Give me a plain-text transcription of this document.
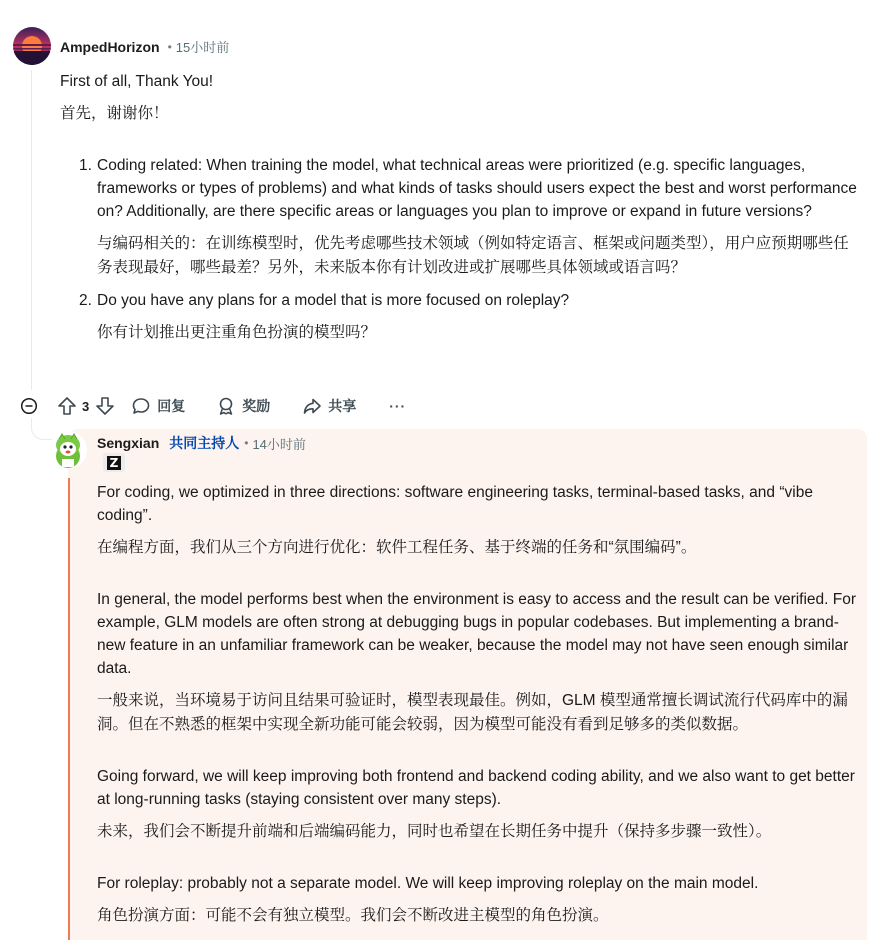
AmpedHorizon • 15小时前

First of all, Thank You!

首先，谢谢你！

1. Coding related: When training the model, what technical areas were prioritized (e.g. specific languages, frameworks or types of problems) and what kinds of tasks should users expect the best and worst performance on? Additionally, are there specific areas or languages you plan to improve or expand in future versions?
与编码相关的：在训练模型时，优先考虑哪些技术领域（例如特定语言、框架或问题类型），用户应预期哪些任务表现最好，哪些最差？另外，未来版本你有计划改进或扩展哪些具体领域或语言吗？
2. Do you have any plans for a model that is more focused on roleplay?
你有计划推出更注重角色扮演的模型吗？
3	回复	奖励	共享 ···
Sengxian 共同主持人 • 14小时前
Z

For coding, we optimized in three directions: software engineering tasks, terminal-based tasks, and “vibe coding”.

在编程方面，我们从三个方向进行优化：软件工程任务、基于终端的任务和“氛围编码”。

In general, the model performs best when the environment is easy to access and the result can be verified. For example, GLM models are often strong at debugging bugs in popular codebases. But implementing a brand-new feature in an unfamiliar framework can be weaker, because the model may not have seen enough similar data.

一般来说，当环境易于访问且结果可验证时，模型表现最佳。例如，GLM 模型通常擅长调试流行代码库中的漏洞。但在不熟悉的框架中实现全新功能可能会较弱，因为模型可能没有看到足够多的类似数据。

Going forward, we will keep improving both frontend and backend coding ability, and we also want to get better at long-running tasks (staying consistent over many steps).

未来，我们会不断提升前端和后端编码能力，同时也希望在长期任务中提升（保持多步骤一致性）。

For roleplay: probably not a separate model. We will keep improving roleplay on the main model.

角色扮演方面：可能不会有独立模型。我们会不断改进主模型的角色扮演。
